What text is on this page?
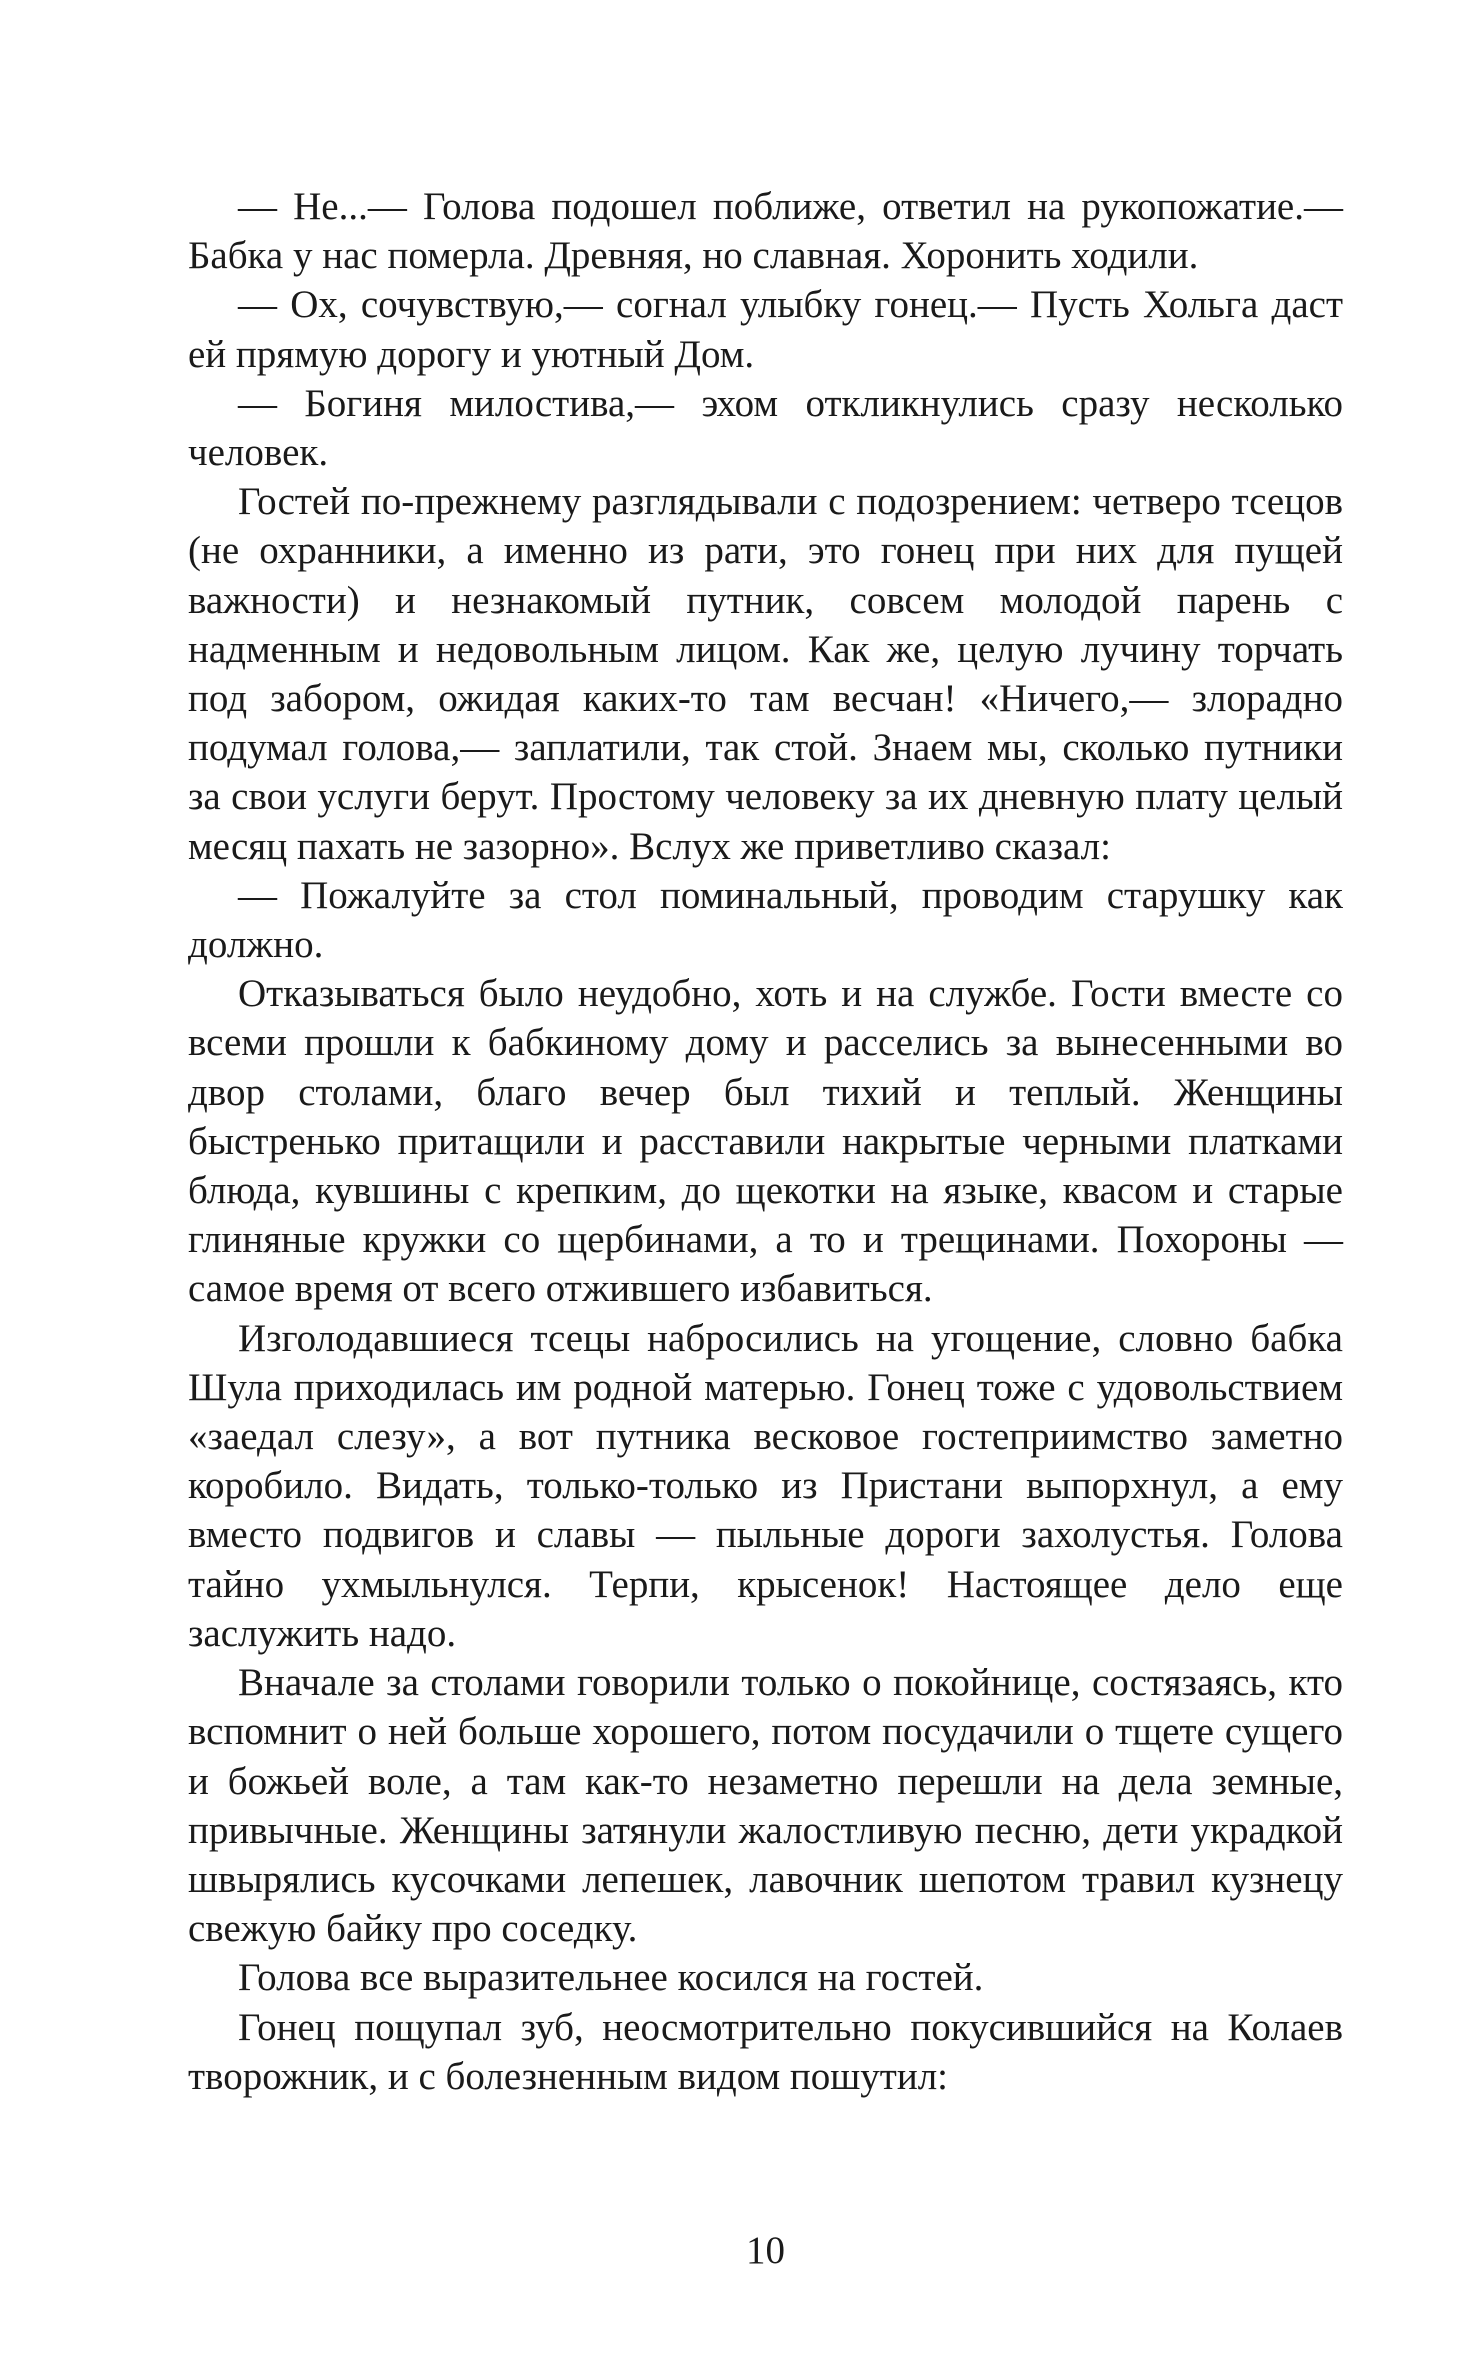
— Не...— Голова подошел поближе, ответил на рукопожатие.— Бабка у нас померла. Древняя, но славная. Хоронить ходили.

— Ох, сочувствую,— согнал улыбку гонец.— Пусть Хольга даст ей прямую дорогу и уютный Дом.

— Богиня милостива,— эхом откликнулись сразу несколько человек.

Гостей по-прежнему разглядывали с подозрением: четверо тсецов (не охранники, а именно из рати, это гонец при них для пущей важности) и незнакомый путник, совсем молодой парень с надменным и недовольным лицом. Как же, целую лучину торчать под забором, ожидая каких-то там весчан! «Ничего,— злорадно подумал голова,— заплатили, так стой. Знаем мы, сколько путники за свои услуги берут. Простому человеку за их дневную плату целый месяц пахать не зазорно». Вслух же приветливо сказал:

— Пожалуйте за стол поминальный, проводим старушку как должно.

Отказываться было неудобно, хоть и на службе. Гости вместе со всеми прошли к бабкиному дому и расселись за вынесенными во двор столами, благо вечер был тихий и теплый. Женщины быстренько притащили и расставили накрытые черными платками блюда, кувшины с крепким, до щекотки на языке, квасом и старые глиняные кружки со щербинами, а то и трещинами. Похороны — самое время от всего отжившего избавиться.

Изголодавшиеся тсецы набросились на угощение, словно бабка Шула приходилась им родной матерью. Гонец тоже с удовольствием «заедал слезу», а вот путника весковое гостеприимство заметно коробило. Видать, только-только из Пристани выпорхнул, а ему вместо подвигов и славы — пыльные дороги захолустья. Голова тайно ухмыльнулся. Терпи, крысенок! Настоящее дело еще заслужить надо.

Вначале за столами говорили только о покойнице, состязаясь, кто вспомнит о ней больше хорошего, потом посудачили о тщете сущего и божьей воле, а там как-то незаметно перешли на дела земные, привычные. Женщины затянули жалостливую песню, дети украдкой швырялись кусочками лепешек, лавочник шепотом травил кузнецу свежую байку про соседку.

Голова все выразительнее косился на гостей.

Гонец пощупал зуб, неосмотрительно покусившийся на Колаев творожник, и с болезненным видом пошутил:

10
